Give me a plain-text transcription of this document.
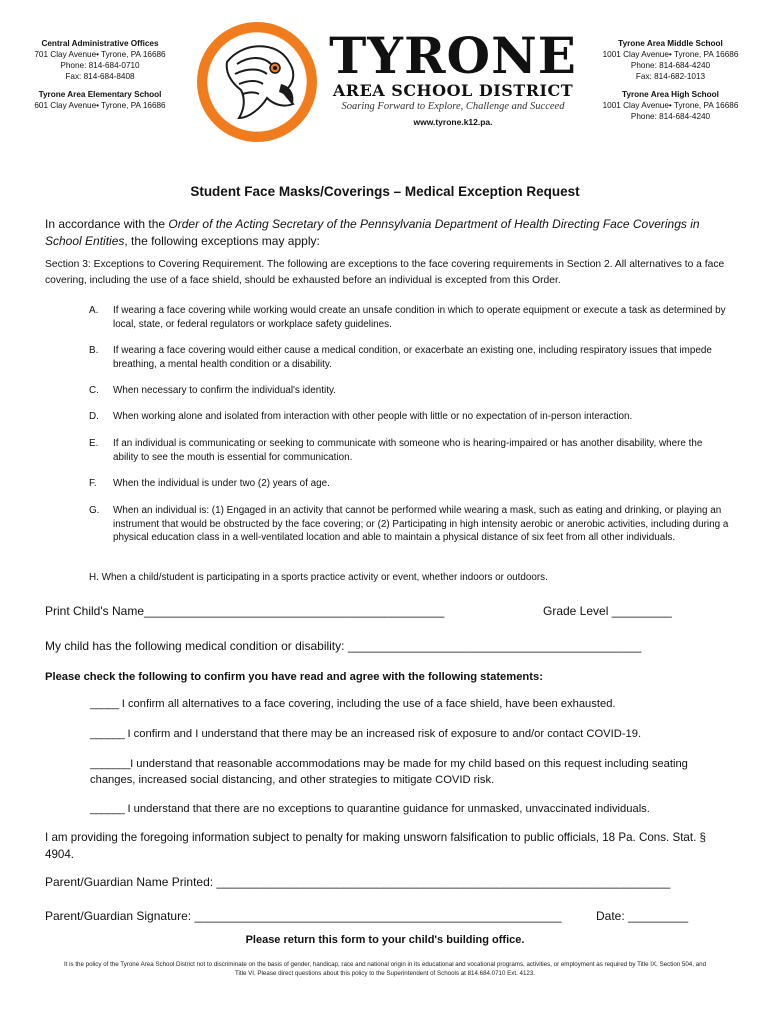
Central Administrative Offices
701 Clay Avenue• Tyrone, PA 16686
Phone: 814-684-0710
Fax: 814-684-8408
Tyrone Area Elementary School
601 Clay Avenue• Tyrone, PA 16686
TYRONE
AREA SCHOOL DISTRICT
Soaring Forward to Explore, Challenge and Succeed
www.tyrone.k12.pa.
Tyrone Area Middle School
1001 Clay Avenue• Tyrone, PA 16686
Phone: 814-684-4240
Fax: 814-682-1013
Tyrone Area High School
1001 Clay Avenue• Tyrone, PA 16686
Phone: 814-684-4240
Student Face Masks/Coverings – Medical Exception Request
In accordance with the Order of the Acting Secretary of the Pennsylvania Department of Health Directing Face Coverings in School Entities, the following exceptions may apply:
Section 3: Exceptions to Covering Requirement. The following are exceptions to the face covering requirements in Section 2. All alternatives to a face covering, including the use of a face shield, should be exhausted before an individual is excepted from this Order.
A.	If wearing a face covering while working would create an unsafe condition in which to operate equipment or execute a task as determined by local, state, or federal regulators or workplace safety guidelines.
B.	If wearing a face covering would either cause a medical condition, or exacerbate an existing one, including respiratory issues that impede breathing, a mental health condition or a disability.
C.	When necessary to confirm the individual's identity.
D.	When working alone and isolated from interaction with other people with little or no expectation of in-person interaction.
E.	If an individual is communicating or seeking to communicate with someone who is hearing-impaired or has another disability, where the ability to see the mouth is essential for communication.
F.	When the individual is under two (2) years of age.
G.	When an individual is: (1) Engaged in an activity that cannot be performed while wearing a mask, such as eating and drinking, or playing an instrument that would be obstructed by the face covering; or (2) Participating in high intensity aerobic or anerobic activities, including during a physical education class in a well-ventilated location and able to maintain a physical distance of six feet from all other individuals.
H. When a child/student is participating in a sports practice activity or event, whether indoors or outdoors.
Print Child's Name_____________________________________________	Grade Level _________
My child has the following medical condition or disability: ____________________________________________
Please check the following to confirm you have read and agree with the following statements:
_____ I confirm all alternatives to a face covering, including the use of a face shield, have been exhausted.
______ I confirm and I understand that there may be an increased risk of exposure to and/or contact COVID-19.
_______I understand that reasonable accommodations may be made for my child based on this request including seating changes, increased social distancing, and other strategies to mitigate COVID risk.
______ I understand that there are no exceptions to quarantine guidance for unmasked, unvaccinated individuals.
I am providing the foregoing information subject to penalty for making unsworn falsification to public officials, 18 Pa. Cons. Stat. § 4904.
Parent/Guardian Name Printed: ____________________________________________________________________
Parent/Guardian Signature: _______________________________________________________	Date: _________
Please return this form to your child's building office.
It is the policy of the Tyrone Area School District not to discriminate on the basis of gender, handicap, race and national origin in its educational and vocational programs, activities, or employment as required by Title IX, Section 504, and Title VI. Please direct questions about this policy to the Superintendent of Schools at 814.684.0710 Ext. 4123.
